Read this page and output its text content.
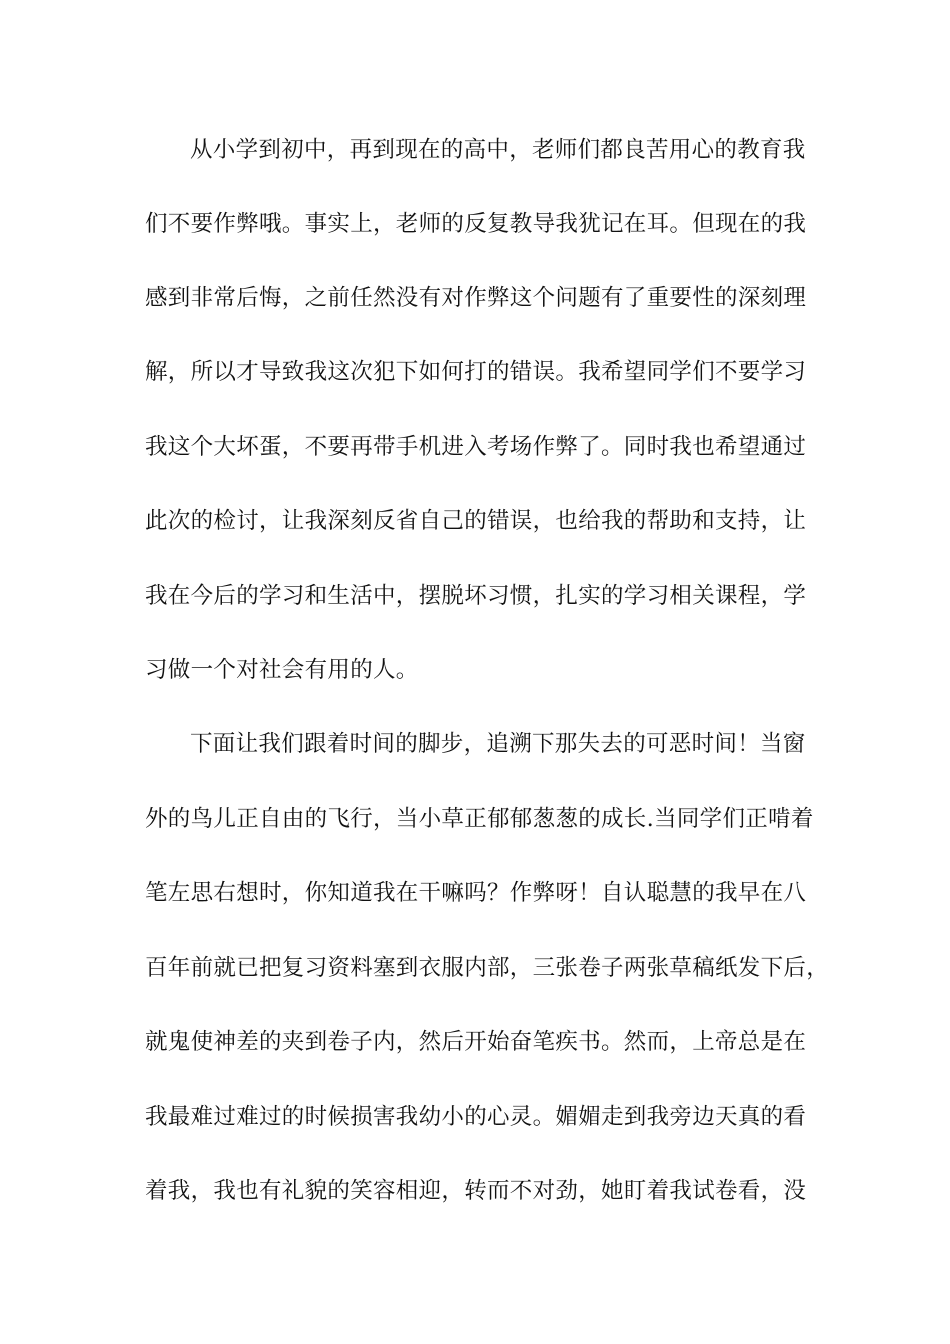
从小学到初中，再到现在的高中，老师们都良苦用心的教育我
们不要作弊哦。事实上，老师的反复教导我犹记在耳。但现在的我
感到非常后悔，之前任然没有对作弊这个问题有了重要性的深刻理
解，所以才导致我这次犯下如何打的错误。我希望同学们不要学习
我这个大坏蛋，不要再带手机进入考场作弊了。同时我也希望通过
此次的检讨，让我深刻反省自己的错误，也给我的帮助和支持，让
我在今后的学习和生活中，摆脱坏习惯，扎实的学习相关课程，学
习做一个对社会有用的人。
下面让我们跟着时间的脚步，追溯下那失去的可恶时间！当窗
外的鸟儿正自由的飞行，当小草正郁郁葱葱的成长.当同学们正啃着
笔左思右想时，你知道我在干嘛吗？作弊呀！自认聪慧的我早在八
百年前就已把复习资料塞到衣服内部，三张卷子两张草稿纸发下后，
就鬼使神差的夹到卷子内，然后开始奋笔疾书。然而，上帝总是在
我最难过难过的时候损害我幼小的心灵。媚媚走到我旁边天真的看
着我，我也有礼貌的笑容相迎，转而不对劲，她盯着我试卷看，没
